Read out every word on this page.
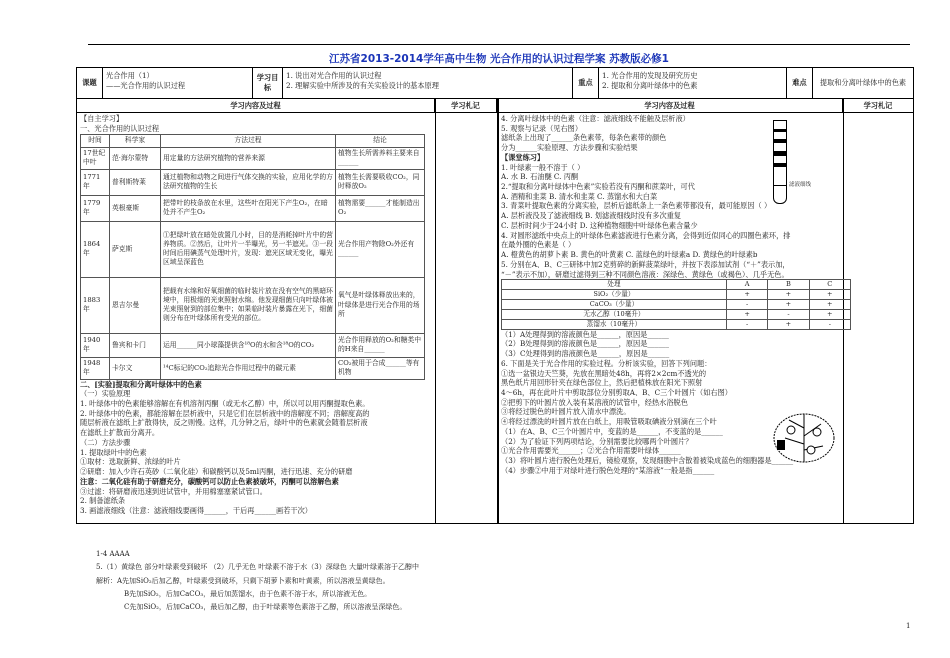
江苏省2013-2014学年高中生物 光合作用的认识过程学案 苏教版必修1
课题
光合作用（1）
——光合作用的认识过程
学习目标
1. 说出对光合作用的认识过程
2. 理解实验中所涉及的有关实验设计的基本原理	重点
1. 光合作用的发现及研究历史
2. 提取和分离叶绿体中的色素	难点	提取和分离叶绿体中的色素
学习内容及过程	学习札记	学习内容及过程	学习札记

【自主学习】

一、光合作用的认识过程

时间	科学家	方法过程	结论
17世纪中叶	范·海尔蒙特	用定量的方法研究植物的营养来源	植物生长所需养料主要来自______
1771年	普利斯特莱	通过植物和动物之间进行气体交换的实验，应用化学的方法研究植物的生长	植物生长需要吸收CO₂，同时释放O₂
1779年	英根豪斯	把带叶的枝条放在水里，这些叶在阳光下产生O₂，在暗处并不产生O₂	植物需要______才能制造出O₂
1864年	萨克斯	①把绿叶放在暗处放置几小时，目的是消耗掉叶片中的营养物质。②然后，让叶片一半曝光，另一半遮光。③一段时间后用碘蒸气处理叶片，发现：遮光区域无变化，曝光区域呈深蓝色	光合作用产物除O₂外还有______
1883年	恩吉尔曼	把载有水绵和好氧细菌的临时装片放在没有空气的黑暗环境中，用极细的光束照射水绵。他发现细菌只向叶绿体被光束照射到的部位集中；如果临时装片暴露在光下，细菌则分布在叶绿体所有受光的部位。	氧气是叶绿体释放出来的，叶绿体是进行光合作用的场所
1940年	鲁宾和卡门	运用______同小球藻提供含¹⁸O的水和含¹⁸O的CO₂	光合作用释放的O₂和糖类中的H来自______
1948年	卡尔文	¹⁴C标记的CO₂追踪光合作用过程中的碳元素	CO₂被用于合成______等有机物

二、[实验]提取和分离叶绿体中的色素

（一）实验原理

1. 叶绿体中的色素能够溶解在有机溶剂丙酮（或无水乙醇）中，所以可以用丙酮提取色素。

2. 叶绿体中的色素，都能溶解在层析液中，只是它们在层析液中的溶解度不同；溶解度高的

随层析液在滤纸上扩散得快，反之则慢。这样，几分钟之后，绿叶中的色素就会随着层析液

在滤纸上扩散而分离开。

（二）方法步骤

1. 提取绿叶中的色素

①取材：选取新鲜、浓绿的叶片

②研磨：加入少许石英砂（二氧化硅）和碳酸钙以及5ml丙酮，进行迅速、充分的研磨

注意：二氧化硅有助于研磨充分，碳酸钙可以防止色素被破坏，丙酮可以溶解色素

③过滤：将研磨液迅速到进试管中，并用棉塞塞紧试管口。

2. 制备滤纸条

3. 画滤液细线（注意：滤液细线要画得______，干后再______画若干次）

4. 分离叶绿体中的色素（注意：滤液细线不能触及层析液）

5. 观察与记录（见右图）

滤纸条上出现了______条色素带，每条色素带的颜色

分为______实验原理、方法步骤和实验结果

【课堂练习】

1. 叶绿素一般不溶于（ ）

A. 水 B. 石油醚 C. 丙酮

2.“提取和分离叶绿体中色素”实验若没有丙酮和蔗菜叶，可代

A. 酒精和韭菜 B. 清水和韭菜 C. 蒸馏水和大白菜

3. 青菜叶提取色素的分离实验，层析后滤纸条上一条色素带都没有，最可能原因（ ）

A. 层析液没及了滤液细线 B. 划滤液细线时没有多次重复

C. 层析时间少于24小时 D. 这种植物细胞中叶绿体色素含量少

4. 对圆形滤纸中央点上的叶绿体色素滤液进行色素分离，会得到近似同心的四圈色素环，排

在最外圈的色素是（ ）

A. 橙黄色的胡萝卜素 B. 黄色的叶黄素 C. 蓝绿色的叶绿素a D. 黄绿色的叶绿素b

5. 分别在A、B、C三研钵中加2克剪碎的新鲜菠菜绿叶，并按下表添加试剂（“＋”表示加，

“－”表示不加），研磨过滤得到三种不同颜色溶液：深绿色、黄绿色（或褐色）、几乎无色。

处理	A	B	C
SiO₂（少量）	+	+	+
CaCO₃（少量）	-	+	+
无水乙醇（10毫升）	+	-	+
蒸馏水（10毫升）	-	+	-

（1）A处理得到的溶液颜色是______，原因是______

（2）B处理得到的溶液颜色是______，原因是______

（3）C处理得到的溶液颜色是______，原因是______

6. 下面是关于光合作用的实验过程。分析该实验，回答下列问题：

①选一盆银边天竺葵，先放在黑暗处48h，再将2×2cm不透光的

黑色纸片用回形针夹在绿色部位上，然后把植株放在阳光下照射

4～6h，再在此叶片中剪取部位分别剪取A、B、C三个叶圆片（如右图）

②把剪下的叶圆片放入装有某溶液的试管中，经热水浴脱色

③将经过脱色的叶圆片放入清水中漂洗。

④将经过漂洗的叶圆片放在白纸上，用吸管吸取碘液分别滴在三个叶

（1）在A、B、C三个叶圆片中，变蓝的是______，不变蓝的是______

（2）为了验证下列两项结论，分别需要比较哪两个叶圆片？

①光合作用需要光______；②光合作用需要叶绿体______

（3）将叶圆片进行脱色处理后，镜检观察，发现细胞中含散着被染成蓝色的细胞器是______

（4）步骤②中用于对绿叶进行脱色处理的“某溶液”一般是指______

滤液细线

1-4 AAAA

5.（1）黄绿色 部分叶绿素受到破坏 （2）几乎无色 叶绿素不溶于水（3）深绿色 大量叶绿素溶于乙醇中

解析：A先加SiO₂后加乙醇，叶绿素受到破坏，只剩下胡萝卜素和叶黄素，所以溶液呈黄绿色。

B先加SiO₂，后加CaCO₃，最后加蒸馏水，由于色素不溶于水，所以溶液无色。

C先加SiO₂，后加CaCO₃，最后加乙醇，由于叶绿素等色素溶于乙醇，所以溶液呈深绿色。

1
